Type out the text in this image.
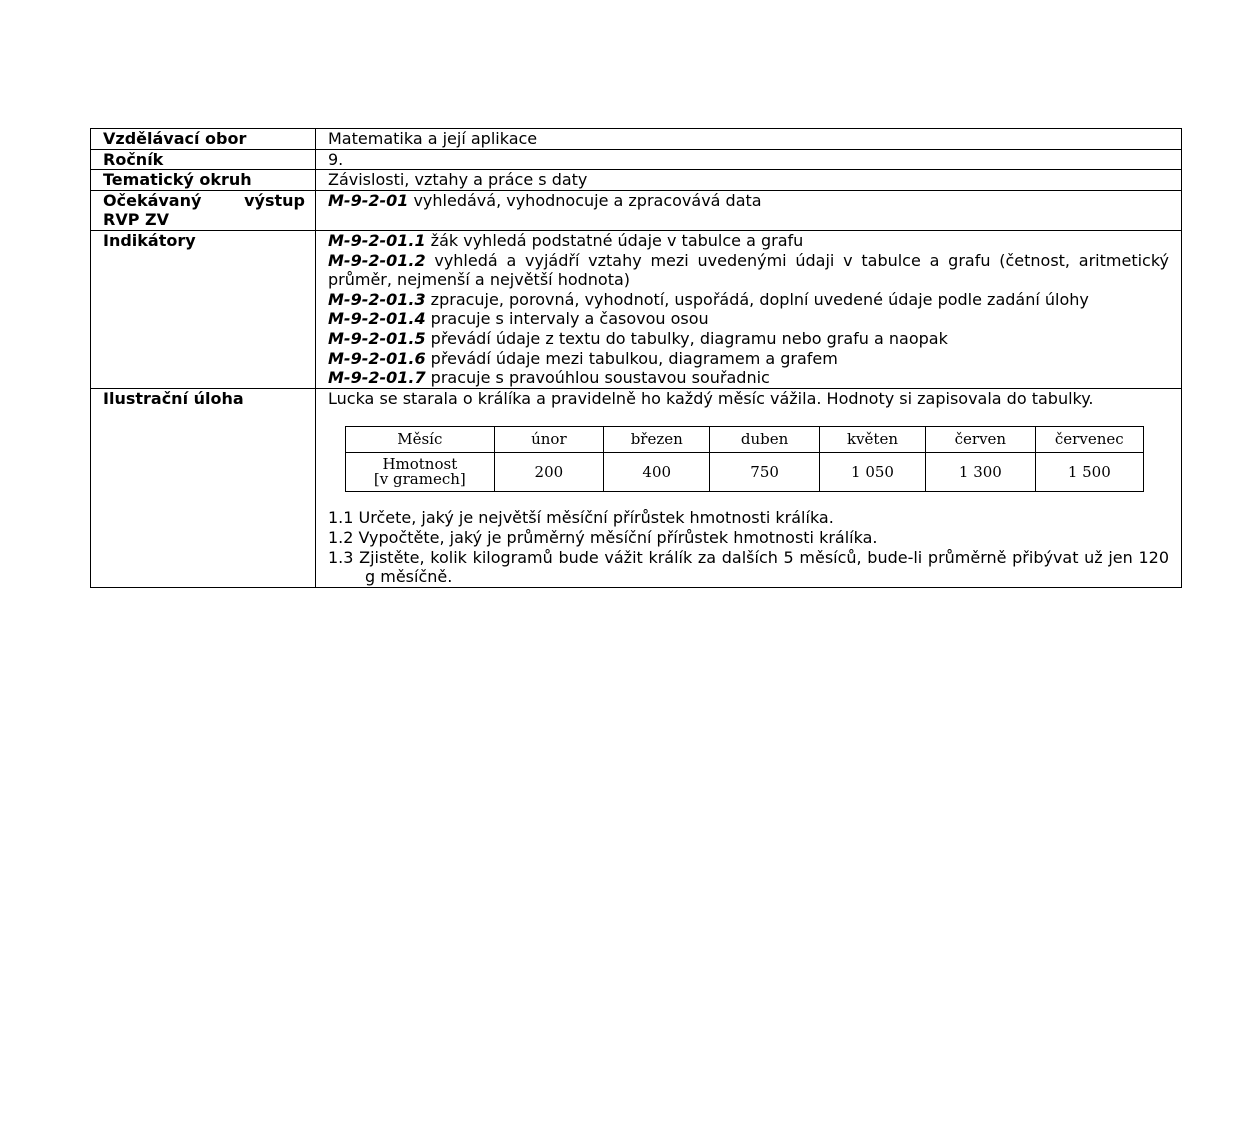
Vzdělávací obor	Matematika a její aplikace
Ročník	9.
Tematický okruh	Závislosti, vztahy a práce s daty
Očekávaný výstup RVP ZV	M-9-2-01 vyhledává, vyhodnocuje a zpracovává data
Indikátory	M-9-2-01.1 žák vyhledá podstatné údaje v tabulce a grafu
M-9-2-01.2 vyhledá a vyjádří vztahy mezi uvedenými údaji v tabulce a grafu (četnost, aritmetický průměr, nejmenší a největší hodnota)
M-9-2-01.3 zpracuje, porovná, vyhodnotí, uspořádá, doplní uvedené údaje podle zadání úlohy
M-9-2-01.4 pracuje s intervaly a časovou osou
M-9-2-01.5 převádí údaje z textu do tabulky, diagramu nebo grafu a naopak
M-9-2-01.6 převádí údaje mezi tabulkou, diagramem a grafem
M-9-2-01.7 pracuje s pravoúhlou soustavou souřadnic

Ilustrační úloha	Lucka se starala o králíka a pravidelně ho každý měsíc vážila. Hodnoty si zapisovala do tabulky.
Měsíc	únor	březen	duben	květen	červen	červenec
Hmotnost
[v gramech]	200	400	750	1 050	1 300	1 500
1.1 Určete, jaký je největší měsíční přírůstek hmotnosti králíka.
1.2 Vypočtěte, jaký je průměrný měsíční přírůstek hmotnosti králíka.
1.3 Zjistěte, kolik kilogramů bude vážit králík za dalších 5 měsíců, bude-li průměrně přibývat už jen 120 g měsíčně.
